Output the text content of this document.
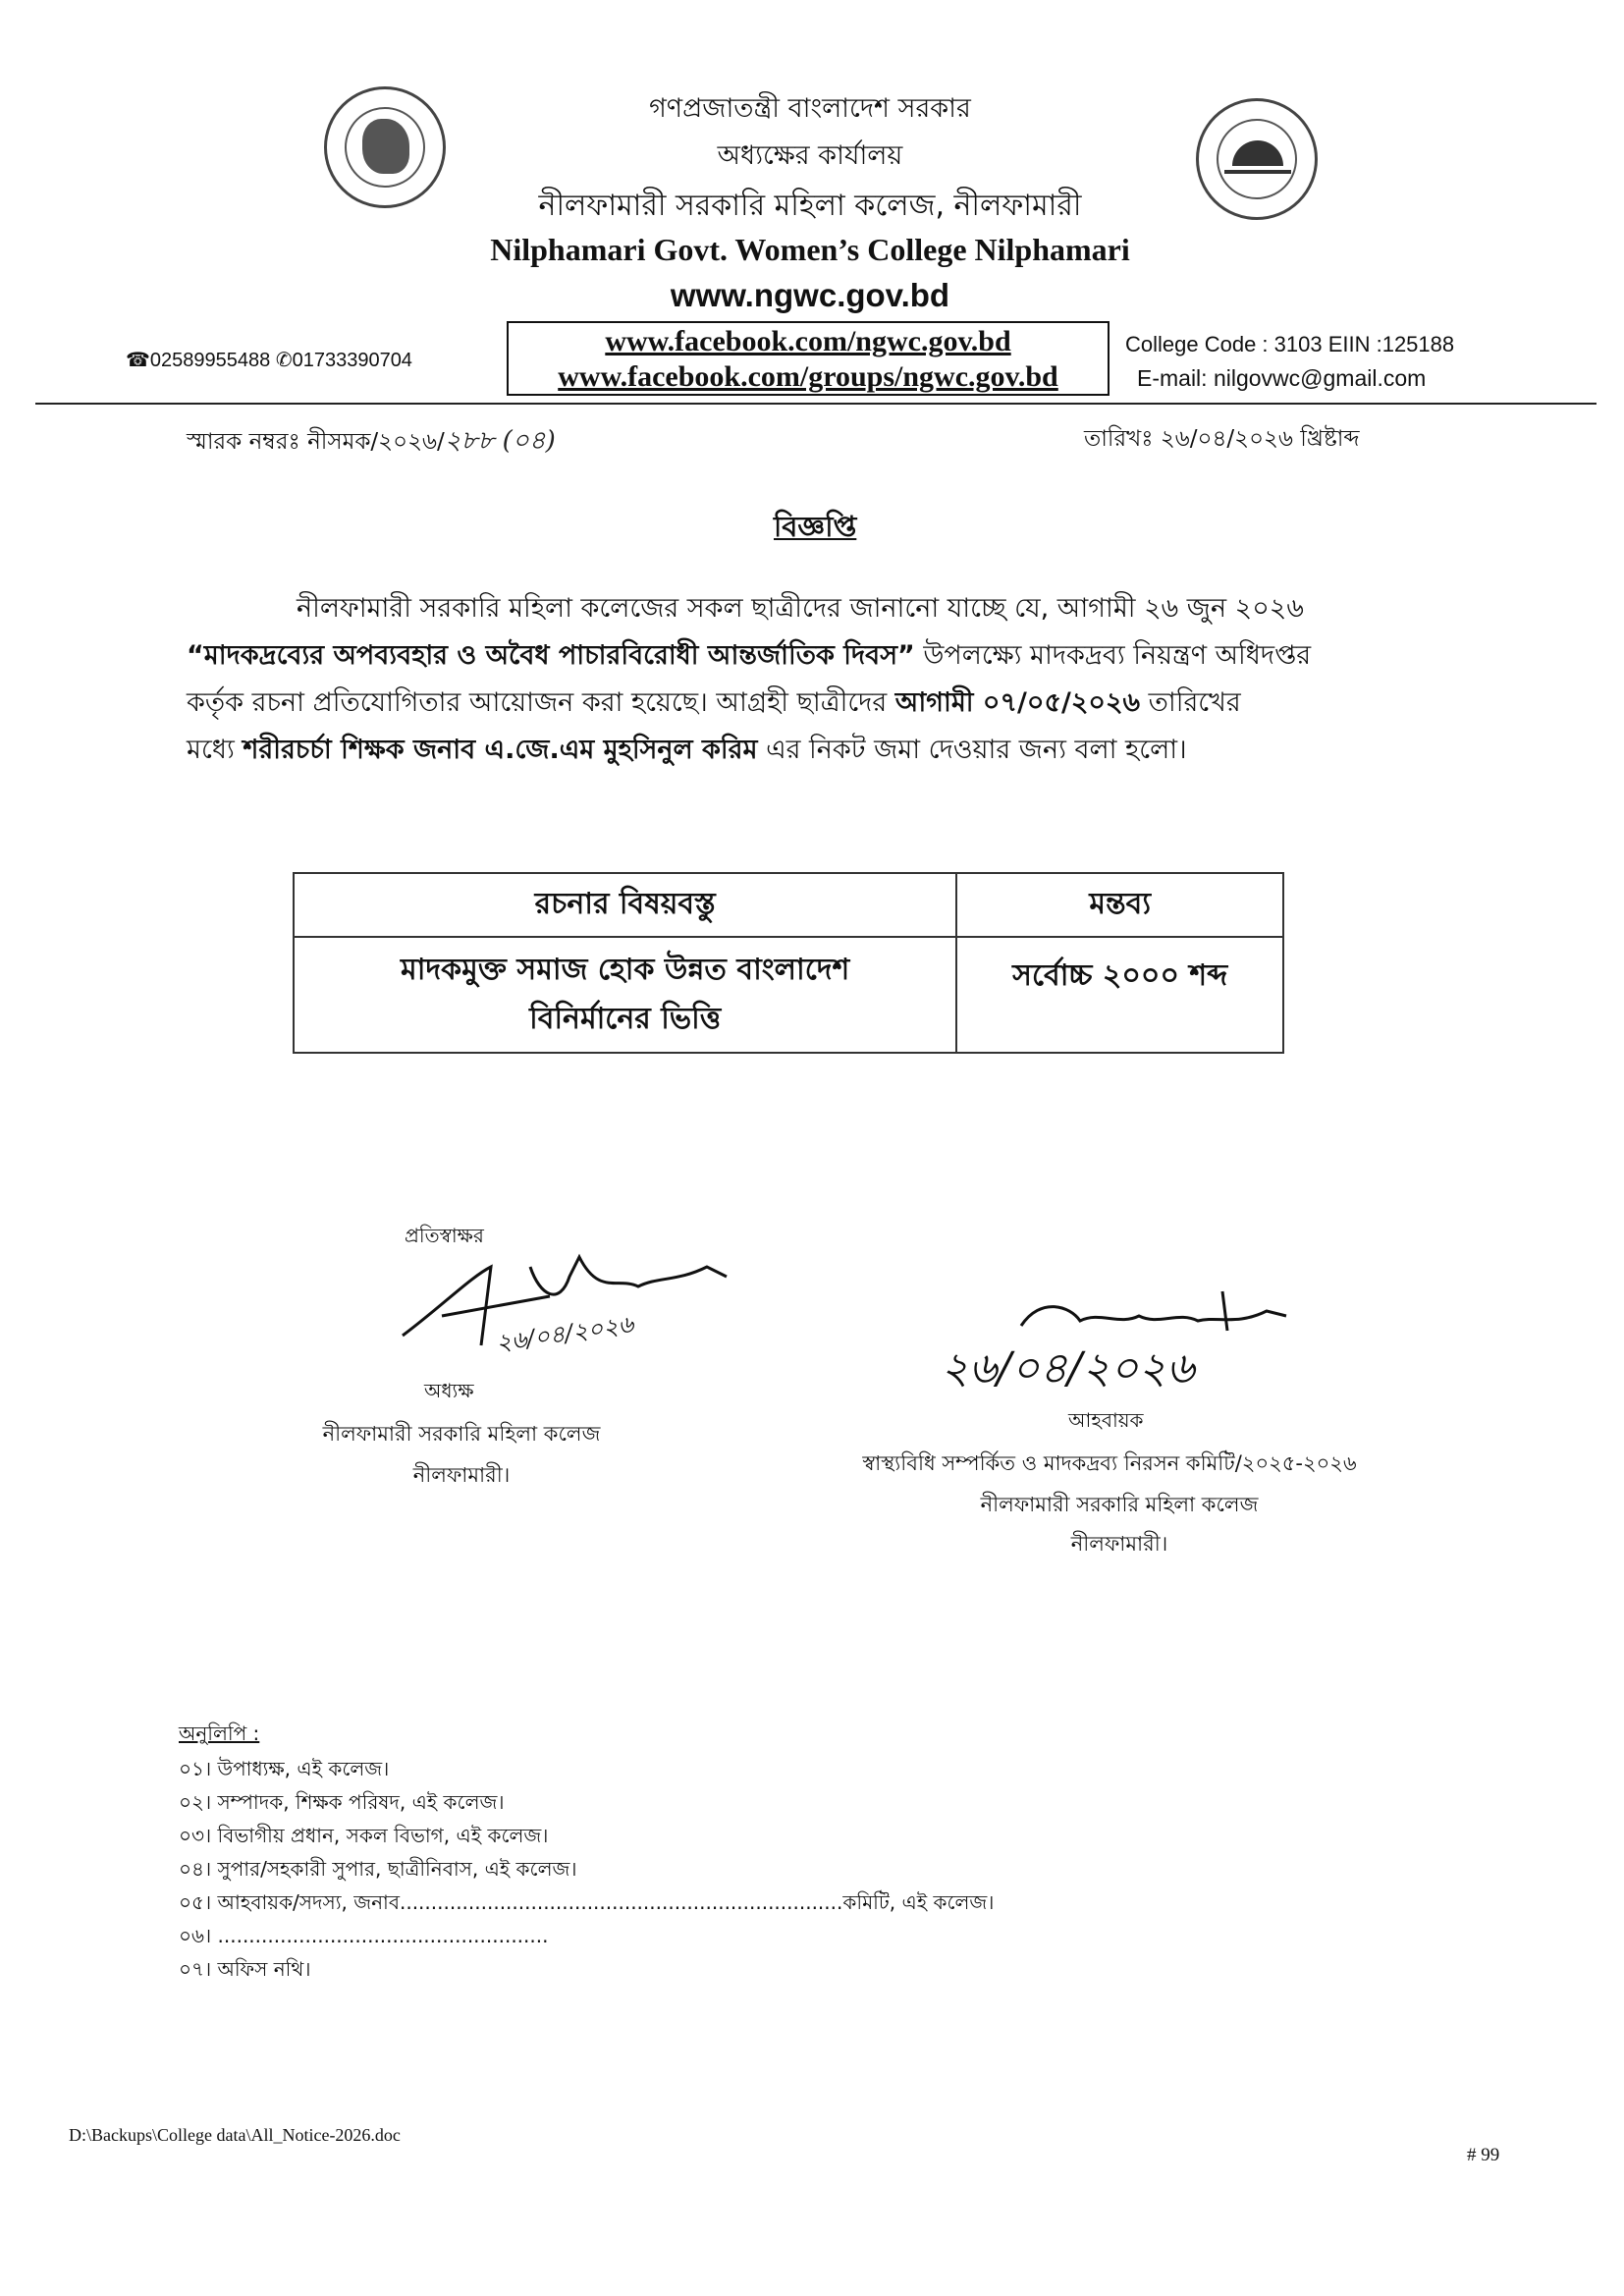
গণপ্রজাতন্ত্রী বাংলাদেশ সরকার
অধ্যক্ষের কার্যালয়
নীলফামারী সরকারি মহিলা কলেজ, নীলফামারী
Nilphamari Govt. Women’s College Nilphamari
www.ngwc.gov.bd
www.facebook.com/ngwc.gov.bd
www.facebook.com/groups/ngwc.gov.bd
☎02589955488 ✆01733390704
College Code : 3103 EIIN :125188
E-mail: nilgovwc@gmail.com
স্মারক নম্বরঃ নীসমক/২০২৬/২৮৮ (০৪)	তারিখঃ ২৬/০৪/২০২৬ খ্রিষ্টাব্দ
বিজ্ঞপ্তি
নীলফামারী সরকারি মহিলা কলেজের সকল ছাত্রীদের জানানো যাচ্ছে যে, আগামী ২৬ জুন ২০২৬
“মাদকদ্রব্যের অপব্যবহার ও অবৈধ পাচারবিরোধী আন্তর্জাতিক দিবস” উপলক্ষ্যে মাদকদ্রব্য নিয়ন্ত্রণ অধিদপ্তর
কর্তৃক রচনা প্রতিযোগিতার আয়োজন করা হয়েছে। আগ্রহী ছাত্রীদের আগামী ০৭/০৫/২০২৬ তারিখের
মধ্যে শরীরচর্চা শিক্ষক জনাব এ.জে.এম মুহসিনুল করিম এর নিকট জমা দেওয়ার জন্য বলা হলো।
রচনার বিষয়বস্তু	মন্তব্য

মাদকমুক্ত সমাজ হোক উন্নত বাংলাদেশ
বিনির্মানের ভিত্তি	সর্বোচ্চ ২০০০ শব্দ
প্রতিস্বাক্ষর
২৬/০৪/২০২৬
অধ্যক্ষ
নীলফামারী সরকারি মহিলা কলেজ
নীলফামারী।
২৬/০৪/২০২৬
আহবায়ক
স্বাস্থ্যবিধি সম্পর্কিত ও মাদকদ্রব্য নিরসন কমিটি/২০২৫-২০২৬
নীলফামারী সরকারি মহিলা কলেজ
নীলফামারী।
অনুলিপি :
০১। উপাধ্যক্ষ, এই কলেজ।
০২। সম্পাদক, শিক্ষক পরিষদ, এই কলেজ।
০৩। বিভাগীয় প্রধান, সকল বিভাগ, এই কলেজ।
০৪। সুপার/সহকারী সুপার, ছাত্রীনিবাস, এই কলেজ।
০৫। আহবায়ক/সদস্য, জনাব.......................................................................কমিটি, এই কলেজ।
০৬। .....................................................
০৭। অফিস নথি।
D:\Backups\College data\All_Notice-2026.doc
# 99
